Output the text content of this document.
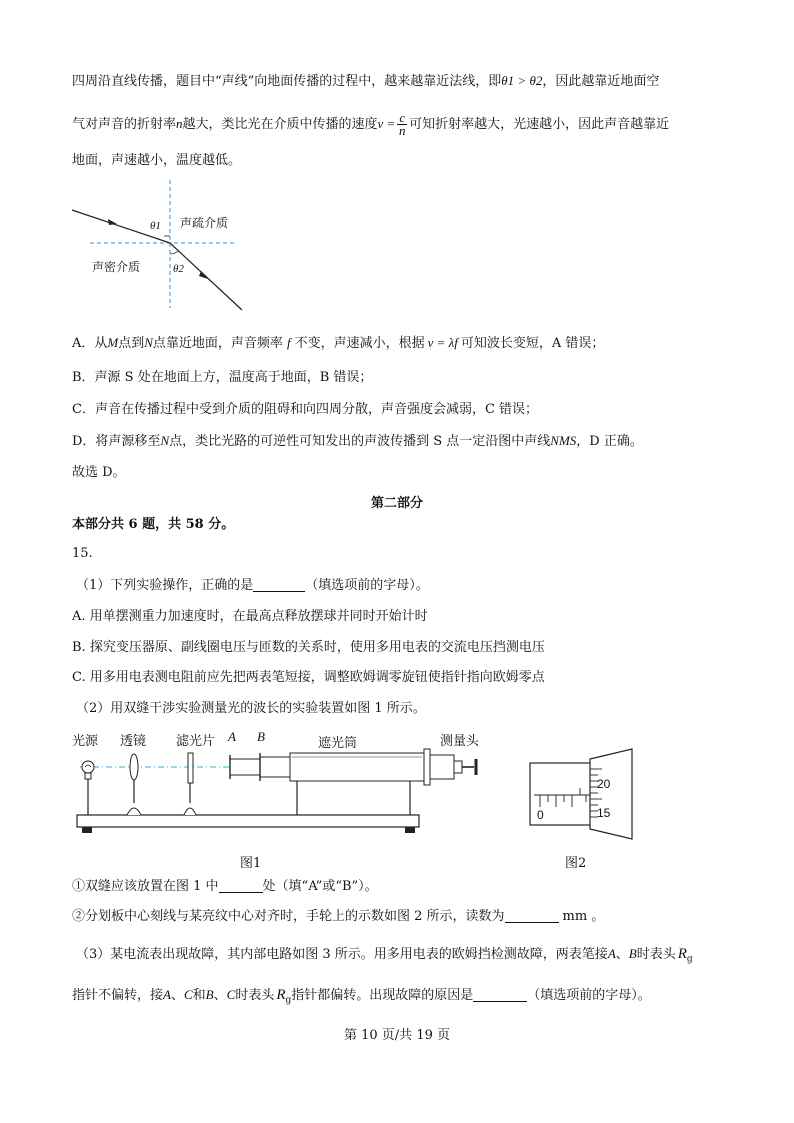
四周沿直线传播，题目中“声线”向地面传播的过程中，越来越靠近法线，即θ1 > θ2，因此越靠近地面空
气对声音的折射率n越大，类比光在介质中传播的速度$v = \frac{c}{n}$ 可知折射率越大，光速越小，因此声音越靠近
地面，声速越小，温度越低。
声疏介质
声密介质
θ1
θ2
A．从M点到N点靠近地面，声音频率 f 不变，声速减小，根据 v = λf 可知波长变短，A 错误；
B．声源 S 处在地面上方，温度高于地面，B 错误；
C．声音在传播过程中受到介质的阻碍和向四周分散，声音强度会减弱，C 错误；
D．将声源移至N点，类比光路的可逆性可知发出的声波传播到 S 点一定沿图中声线NMS，D 正确。
故选 D。
第二部分
本部分共 6 题，共 58 分。
15.
（1）下列实验操作，正确的是	（填选项前的字母）。
A. 用单摆测重力加速度时，在最高点释放摆球并同时开始计时
B. 探究变压器原、副线圈电压与匝数的关系时，使用多用电表的交流电压挡测电压
C. 用多用电表测电阻前应先把两表笔短接，调整欧姆调零旋钮使指针指向欧姆零点
（2）用双缝干涉实验测量光的波长的实验装置如图 1 所示。
光源 透镜 滤光片 A B	遮光筒	测量头
20
15
0
图1	图2
①双缝应该放置在图 1 中	处（填“A”或“B”）。
②分划板中心刻线与某亮纹中心对齐时，手轮上的示数如图 2 所示，读数为	mm 。
（3）某电流表出现故障，其内部电路如图 3 所示。用多用电表的欧姆挡检测故障，两表笔接A、B时表头 $R_g$
指针不偏转，接A、C和B、C时表头 $R_g$指针都偏转。出现故障的原因是	（填选项前的字母）。
第 10 页/共 19 页
